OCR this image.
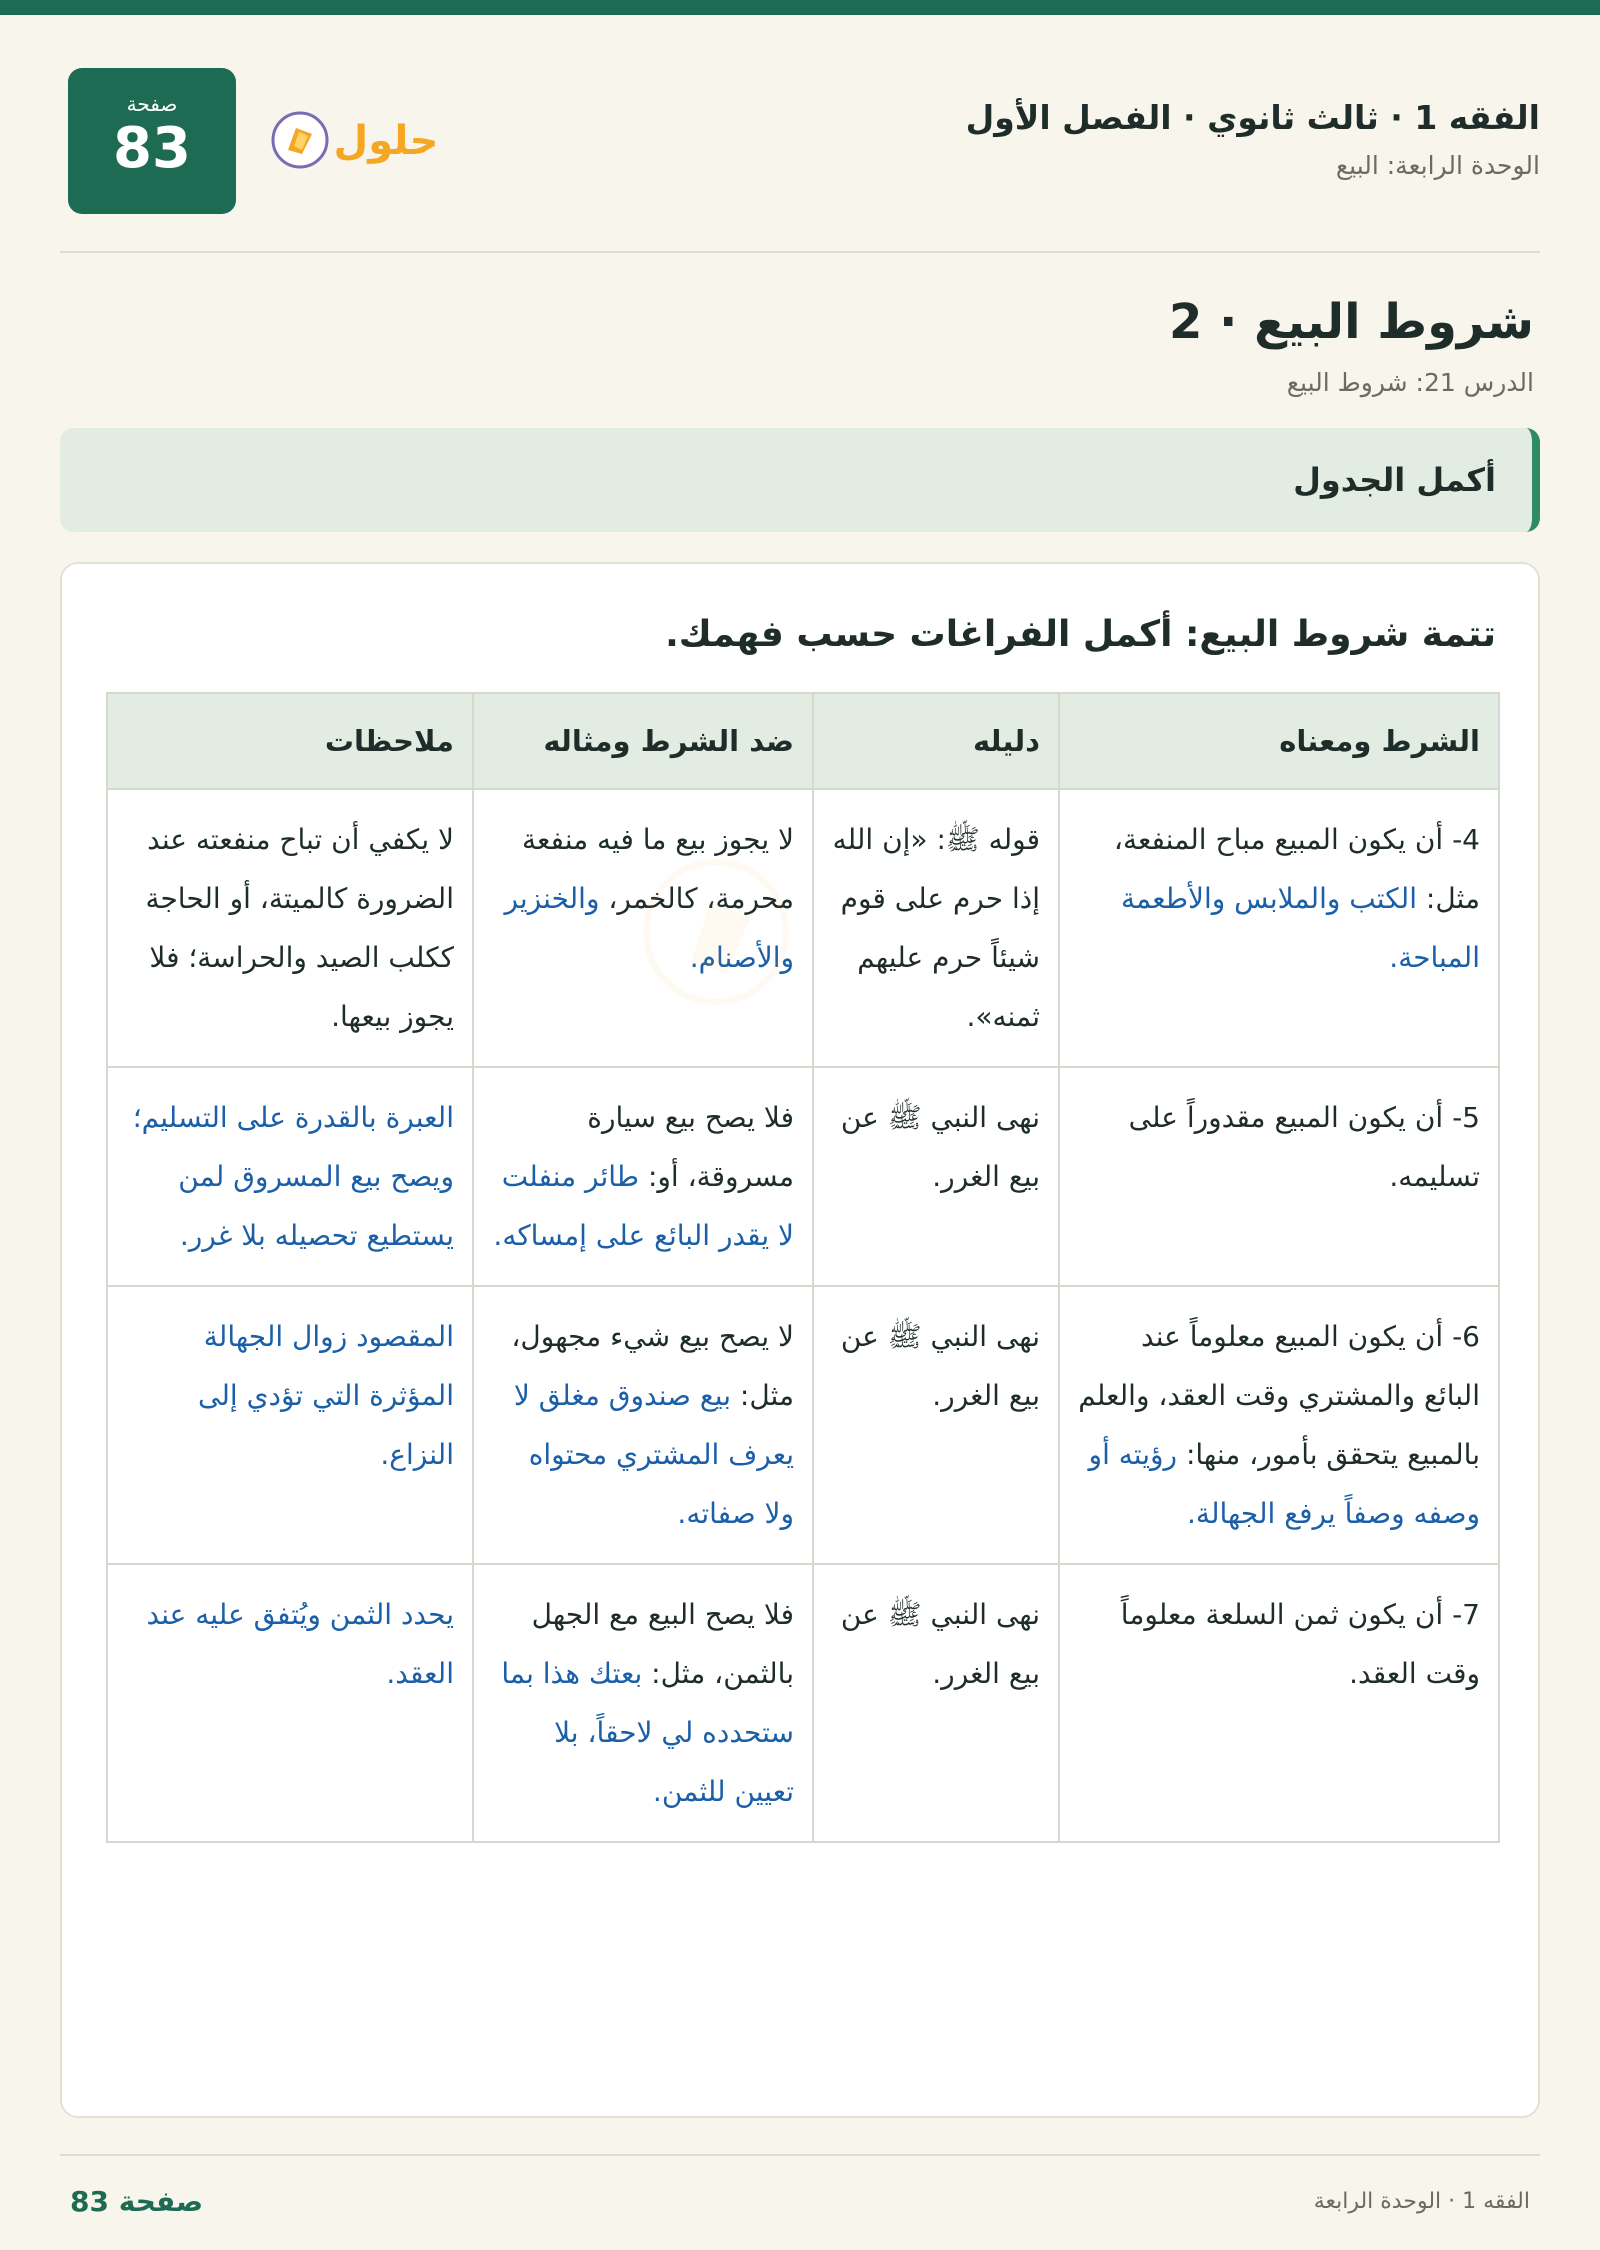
الفقه 1 · ثالث ثانوي · الفصل الأول
الوحدة الرابعة: البيع
صفحة
83	حلول
شروط البيع · 2
الدرس 21: شروط البيع
أكمل الجدول
تتمة شروط البيع: أكمل الفراغات حسب فهمك.
الشرط ومعناه	دليله	ضد الشرط ومثاله	ملاحظات
4- أن يكون المبيع مباح المنفعة، مثل: الكتب والملابس والأطعمة المباحة.	قوله ﷺ: «إن الله إذا حرم على قوم شيئاً حرم عليهم ثمنه».	لا يجوز بيع ما فيه منفعة محرمة، كالخمر، والخنزير والأصنام.	لا يكفي أن تباح منفعته عند الضرورة كالميتة، أو الحاجة ككلب الصيد والحراسة؛ فلا يجوز بيعها.
5- أن يكون المبيع مقدوراً على تسليمه.	نهى النبي ﷺ عن بيع الغرر.	فلا يصح بيع سيارة مسروقة، أو: طائر منفلت لا يقدر البائع على إمساكه.	العبرة بالقدرة على التسليم؛ ويصح بيع المسروق لمن يستطيع تحصيله بلا غرر.
6- أن يكون المبيع معلوماً عند البائع والمشتري وقت العقد، والعلم بالمبيع يتحقق بأمور، منها: رؤيته أو وصفه وصفاً يرفع الجهالة.	نهى النبي ﷺ عن بيع الغرر.	لا يصح بيع شيء مجهول، مثل: بيع صندوق مغلق لا يعرف المشتري محتواه ولا صفاته.	المقصود زوال الجهالة المؤثرة التي تؤدي إلى النزاع.
7- أن يكون ثمن السلعة معلوماً وقت العقد.	نهى النبي ﷺ عن بيع الغرر.	فلا يصح البيع مع الجهل بالثمن، مثل: بعتك هذا بما ستحدده لي لاحقاً، بلا تعيين للثمن.	يحدد الثمن ويُتفق عليه عند العقد.
صفحة 83	الفقه 1 · الوحدة الرابعة
